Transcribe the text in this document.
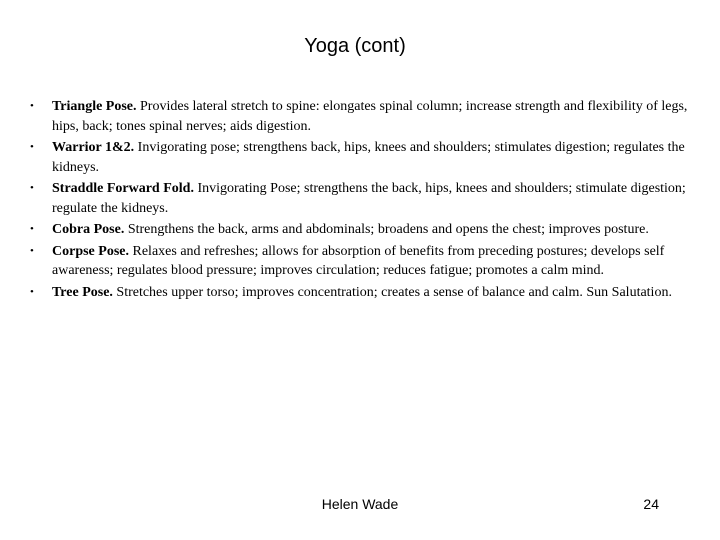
Yoga (cont)
• Triangle Pose. Provides lateral stretch to spine: elongates spinal column; increase strength and flexibility of legs, hips, back; tones spinal nerves; aids digestion.
• Warrior 1&2. Invigorating pose; strengthens back, hips, knees and shoulders; stimulates digestion; regulates the kidneys.
• Straddle Forward Fold. Invigorating Pose; strengthens the back, hips, knees and shoulders; stimulate digestion; regulate the kidneys.
• Cobra Pose. Strengthens the back, arms and abdominals; broadens and opens the chest; improves posture.
• Corpse Pose. Relaxes and refreshes; allows for absorption of benefits from preceding postures; develops self awareness; regulates blood pressure; improves circulation; reduces fatigue; promotes a calm mind.
• Tree Pose. Stretches upper torso; improves concentration; creates a sense of balance and calm. Sun Salutation.
Helen Wade	24
